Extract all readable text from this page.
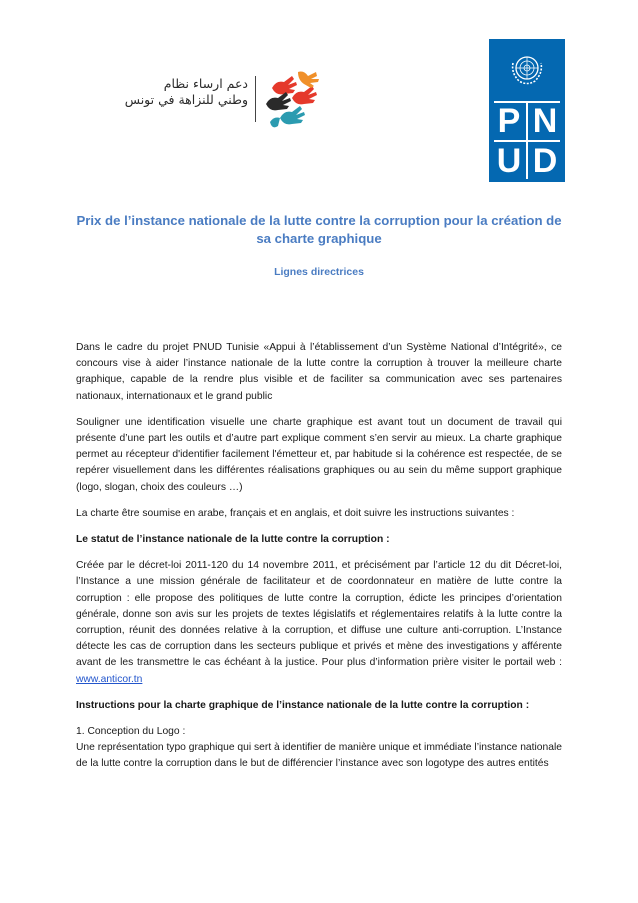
دعم ارساء نظام
وطني للنزاهة في تونس
P N
U D
Prix de l’instance nationale de la lutte contre la corruption pour la création de sa charte graphique
Lignes directrices

Dans le cadre du projet PNUD Tunisie «Appui à l’établissement d’un Système National d’Intégrité», ce concours vise à aider l’instance nationale de la lutte contre la corruption à trouver la meilleure charte graphique, capable de la rendre plus visible et de faciliter sa communication avec ses partenaires nationaux, internationaux et le grand public

Souligner une identification visuelle une charte graphique est avant tout un document de travail qui présente d’une part les outils et d’autre part explique comment s’en servir au mieux. La charte graphique permet au récepteur d'identifier facilement l'émetteur et, par habitude si la cohérence est respectée, de se repérer visuellement dans les différentes réalisations graphiques ou au sein du même support graphique (logo, slogan, choix des couleurs …)

La charte être soumise en arabe, français et en anglais, et doit suivre les instructions suivantes :

Le statut de l’instance nationale de la lutte contre la corruption :

Créée par le décret-loi 2011-120 du 14 novembre 2011, et précisément par l’article 12 du dit Décret-loi, l’Instance a une mission générale de facilitateur et de coordonnateur en matière de lutte contre la corruption : elle propose des politiques de lutte contre la corruption, édicte les principes d’orientation générale, donne son avis sur les projets de textes législatifs et réglementaires relatifs à la lutte contre la corruption, réunit des données relative à la corruption, et diffuse une culture anti-corruption. L’Instance détecte les cas de corruption dans les secteurs publique et privés et mène des investigations y afférente avant de les transmettre le cas échéant à la justice. Pour plus d’information prière visiter le portail web : www.anticor.tn

Instructions pour la charte graphique de l’instance nationale de la lutte contre la corruption :

1. Conception du Logo :

Une représentation typo graphique qui sert à identifier de manière unique et immédiate l’instance nationale de la lutte contre la corruption dans le but de différencier l’instance avec son logotype des autres entités
